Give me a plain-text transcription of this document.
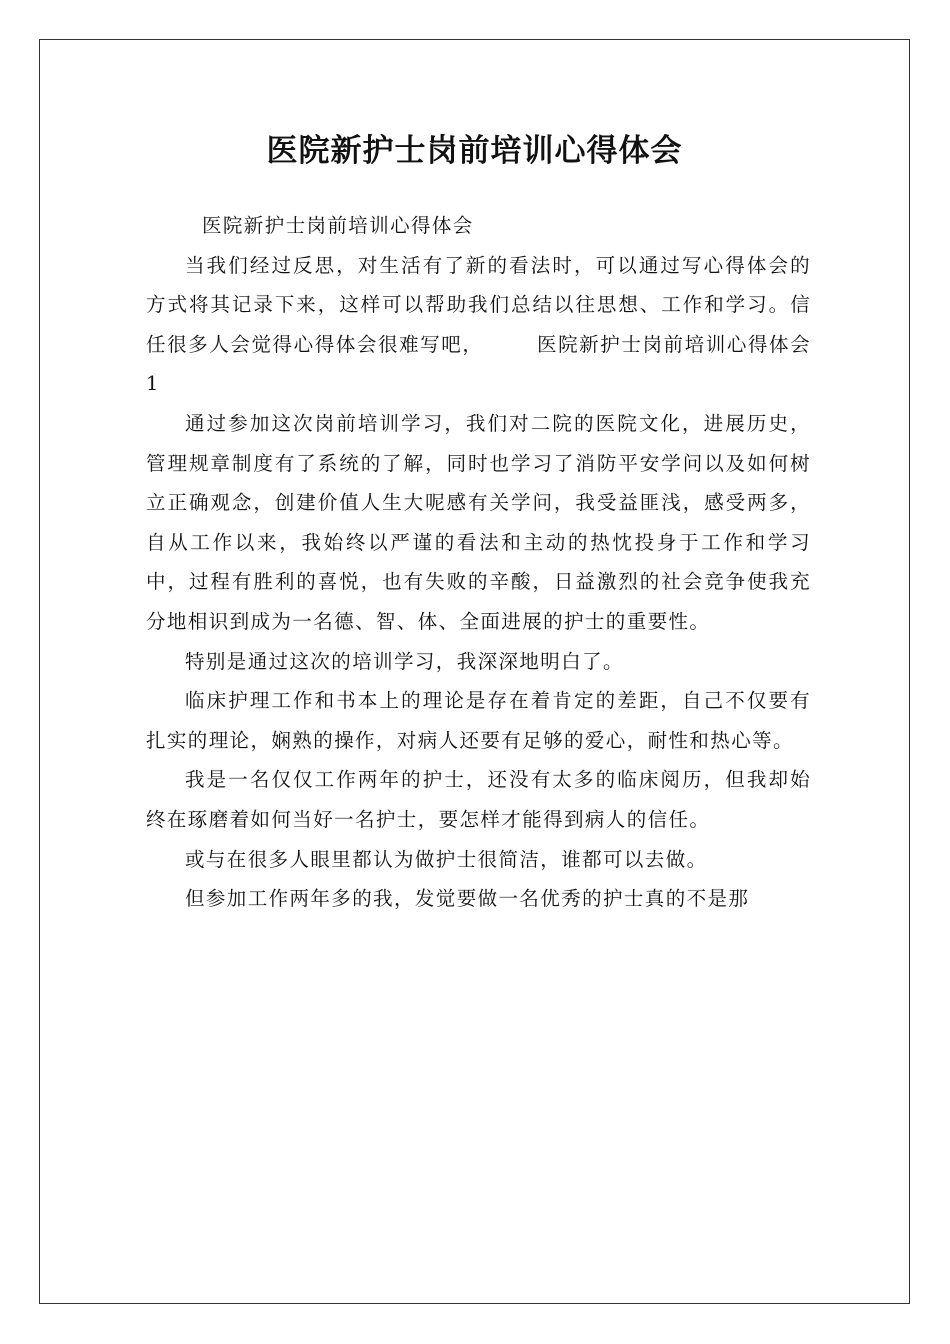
医院新护士岗前培训心得体会

医院新护士岗前培训心得体会

当我们经过反思，对生活有了新的看法时，可以通过写心得体会的方式将其记录下来，这样可以帮助我们总结以往思想、工作和学习。信任很多人会觉得心得体会很难写吧，　　　医院新护士岗前培训心得体会1

通过参加这次岗前培训学习，我们对二院的医院文化，进展历史，管理规章制度有了系统的了解，同时也学习了消防平安学问以及如何树立正确观念，创建价值人生大呢感有关学问，我受益匪浅，感受两多，自从工作以来，我始终以严谨的看法和主动的热忱投身于工作和学习中，过程有胜利的喜悦，也有失败的辛酸，日益激烈的社会竞争使我充分地相识到成为一名德、智、体、全面进展的护士的重要性。

特别是通过这次的培训学习，我深深地明白了。

临床护理工作和书本上的理论是存在着肯定的差距，自己不仅要有扎实的理论，娴熟的操作，对病人还要有足够的爱心，耐性和热心等。

我是一名仅仅工作两年的护士，还没有太多的临床阅历，但我却始终在琢磨着如何当好一名护士，要怎样才能得到病人的信任。

或与在很多人眼里都认为做护士很简洁，谁都可以去做。

但参加工作两年多的我，发觉要做一名优秀的护士真的不是那
